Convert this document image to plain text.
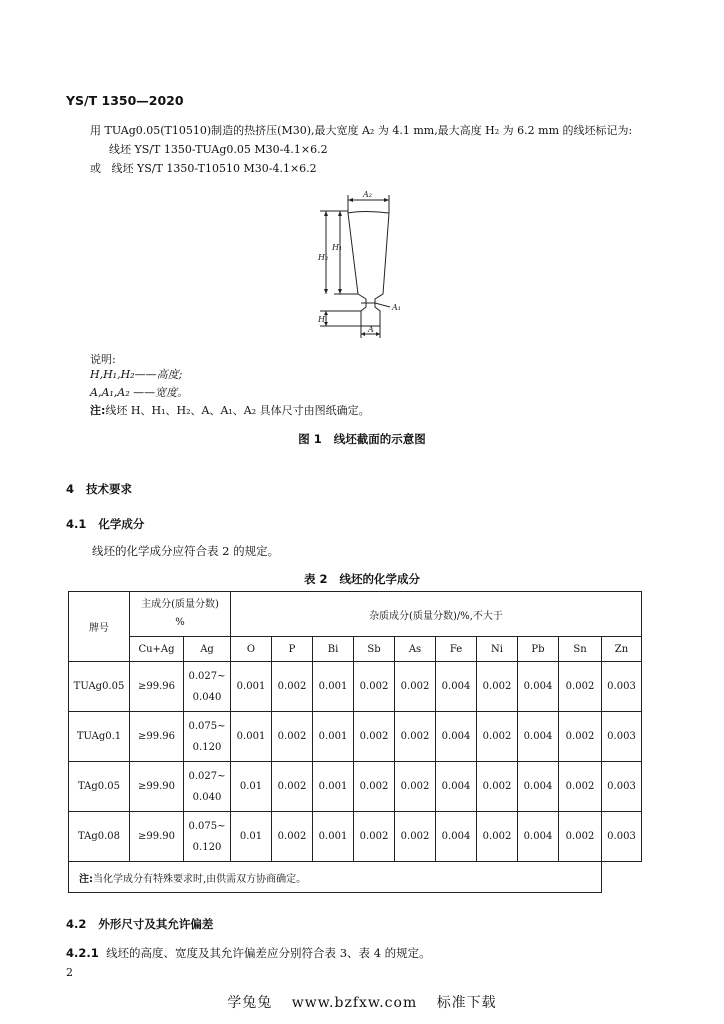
YS/T 1350—2020
用 TUAg0.05(T10510)制造的热挤压(M30),最大宽度 A₂ 为 4.1 mm,最大高度 H₂ 为 6.2 mm 的线坯标记为:
线坯 YS/T 1350-TUAg0.05 M30-4.1×6.2
或 线坯 YS/T 1350-T10510 M30-4.1×6.2
A₂
H₂
H₁
H
A₁
A
说明:
H,H₁,H₂——高度;
A,A₁,A₂ ——宽度。
注:线坯 H、H₁、H₂、A、A₁、A₂ 具体尺寸由图纸确定。
图 1 线坯截面的示意图
4 技术要求
4.1 化学成分
线坯的化学成分应符合表 2 的规定。
表 2 线坯的化学成分
牌号	主成分(质量分数)
%		杂质成分(质量分数)/%,不大于									
	Cu+Ag	Ag	O	P	Bi	Sb	As	Fe	Ni	Pb	Sn	Zn
TUAg0.05	≥99.96	0.027~
0.040	0.001	0.002	0.001	0.002	0.002	0.004	0.002	0.004	0.002	0.003
TUAg0.1	≥99.96	0.075~
0.120	0.001	0.002	0.001	0.002	0.002	0.004	0.002	0.004	0.002	0.003
TAg0.05	≥99.90	0.027~
0.040	0.01	0.002	0.001	0.002	0.002	0.004	0.002	0.004	0.002	0.003
TAg0.08	≥99.90	0.075~
0.120	0.01	0.002	0.001	0.002	0.002	0.004	0.002	0.004	0.002	0.003
注:当化学成分有特殊要求时,由供需双方协商确定。												
4.2 外形尺寸及其允许偏差
4.2.1 线坯的高度、宽度及其允许偏差应分别符合表 3、表 4 的规定。
2
学兔兔 www.bzfxw.com 标准下载
